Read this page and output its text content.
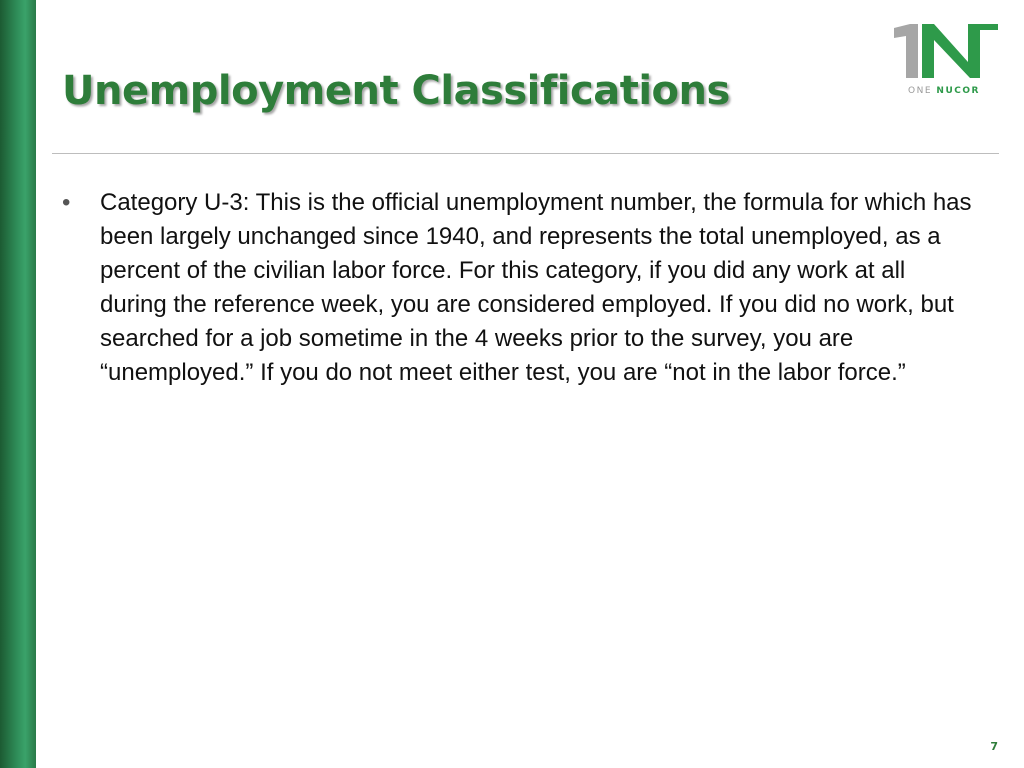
Unemployment Classifications	ONE NUCOR
•	Category U-3: This is the official unemployment number, the formula for which has been largely unchanged since 1940, and represents the total unemployed, as a percent of the civilian labor force. For this category, if you did any work at all during the reference week, you are considered employed. If you did no work, but searched for a job sometime in the 4 weeks prior to the survey, you are “unemployed.” If you do not meet either test, you are “not in the labor force.”
7
